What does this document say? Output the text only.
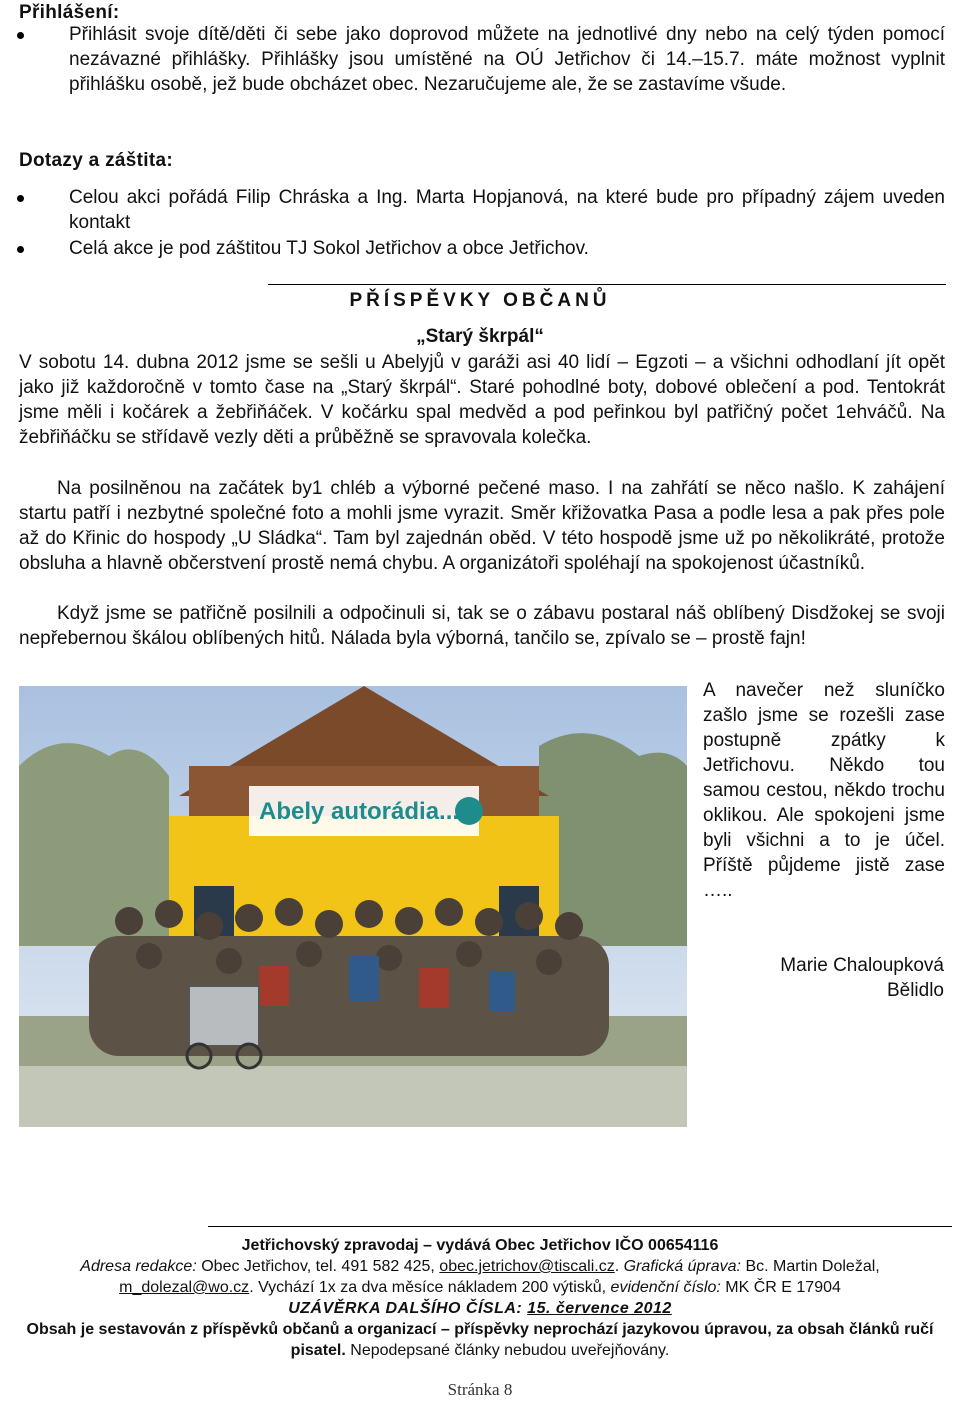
Přihlášení:
Přihlásit svoje dítě/děti či sebe jako doprovod můžete na jednotlivé dny nebo na celý týden pomocí nezávazné přihlášky. Přihlášky jsou umístěné na OÚ Jetřichov či 14.–15.7. máte možnost vyplnit přihlášku osobě, jež bude obcházet obec. Nezaručujeme ale, že se zastavíme všude.
Dotazy a záštita:
Celou akci pořádá Filip Chráska a Ing. Marta Hopjanová, na které bude pro případný zájem uveden kontakt
Celá akce je pod záštitou TJ Sokol Jetřichov a obce Jetřichov.
PŘÍSPĚVKY OBČANŮ
„Starý škrpál“
V sobotu 14. dubna 2012 jsme se sešli u Abelyjů v garáži asi 40 lidí – Egzoti – a všichni odhodlaní jít opět jako již každoročně v tomto čase na „Starý škrpál“. Staré pohodlné boty, dobové oblečení a pod. Tentokrát jsme měli i kočárek a žebřiňáček. V kočárku spal medvěd a pod peřinkou byl patřičný počet 1ehváčů. Na žebřiňáčku se střídavě vezly děti a průběžně se spravovala kolečka.
Na posilněnou na začátek by1 chléb a výborné pečené maso. I na zahřátí se něco našlo. K zahájení startu patří i nezbytné společné foto a mohli jsme vyrazit. Směr křižovatka Pasa a podle lesa a pak přes pole až do Křinic do hospody „U Sládka“. Tam byl zajednán oběd. V této hospodě jsme už po několikráté, protože obsluha a hlavně občerstvení prostě nemá chybu. A organizátoři spoléhají na spokojenost účastníků.
Když jsme se patřičně posilnili a odpočinuli si, tak se o zábavu postaral náš oblíbený Disdžokej se svoji nepřebernou škálou oblíbených hitů. Nálada byla výborná, tančilo se, zpívalo se – prostě fajn!
Abely autorádia...
A navečer než sluníčko zašlo jsme se rozešli zase postupně zpátky k Jetřichovu. Někdo tou samou cestou, někdo trochu oklikou. Ale spokojeni jsme byli všichni a to je účel. Příště půjdeme jistě zase …..
Marie Chaloupková
Bělidlo
Jetřichovský zpravodaj – vydává Obec Jetřichov IČO 00654116
Adresa redakce: Obec Jetřichov, tel. 491 582 425, obec.jetrichov@tiscali.cz. Grafická úprava: Bc. Martin Doležal,
m_dolezal@wo.cz. Vychází 1x za dva měsíce nákladem 200 výtisků, evidenční číslo: MK ČR E 17904
UZÁVĚRKA DALŠÍHO ČÍSLA: 15. července 2012
Obsah je sestavován z příspěvků občanů a organizací – příspěvky neprochází jazykovou úpravou, za obsah článků ručí pisatel. Nepodepsané články nebudou uveřejňovány.
Stránka 8
